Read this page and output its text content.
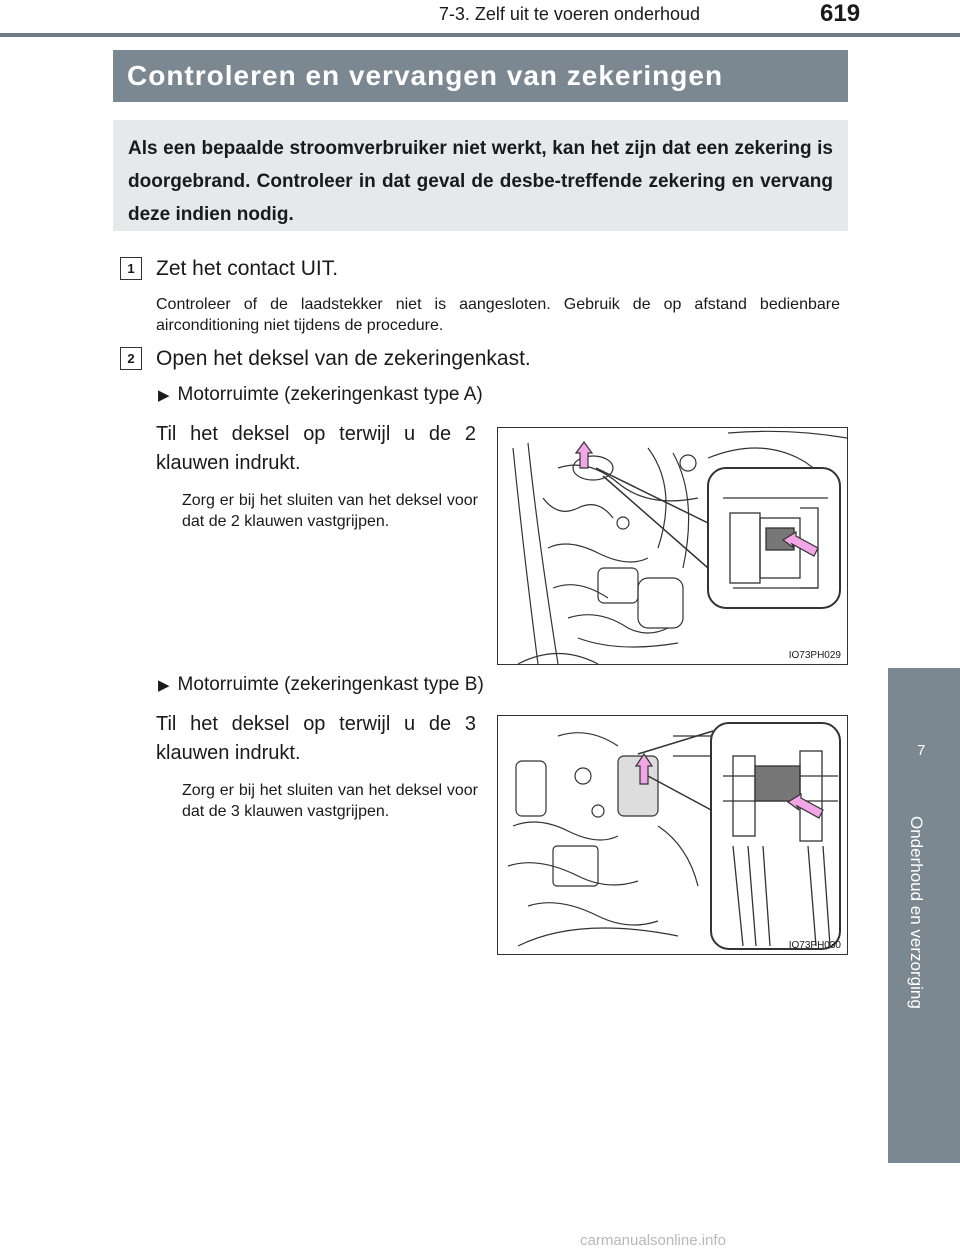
7-3. Zelf uit te voeren onderhoud	619
Controleren en vervangen van zekeringen
Als een bepaalde stroomverbruiker niet werkt, kan het zijn dat een zekering is doorgebrand. Controleer in dat geval de desbe-treffende zekering en vervang deze indien nodig.
1	Zet het contact UIT.
Controleer of de laadstekker niet is aangesloten. Gebruik de op afstand bedienbare airconditioning niet tijdens de procedure.
2	Open het deksel van de zekeringenkast.
▶ Motorruimte (zekeringenkast type A)
Til het deksel op terwijl u de 2 klauwen indrukt.
Zorg er bij het sluiten van het deksel voor dat de 2 klauwen vastgrijpen.
IO73PH029
▶ Motorruimte (zekeringenkast type B)
Til het deksel op terwijl u de 3 klauwen indrukt.
Zorg er bij het sluiten van het deksel voor dat de 3 klauwen vastgrijpen.
IO73PH030
7
Onderhoud en verzorging
carmanualsonline.info
